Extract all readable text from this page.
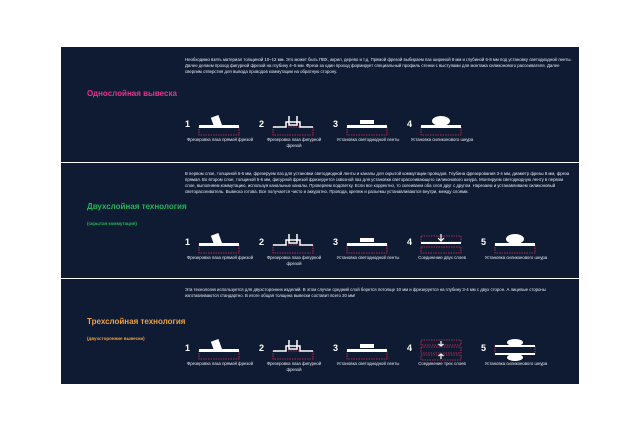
Однослойная вывеска
Необходимо взять материал толщиной 10–12 мм. Это может быть ПВХ, акрил, дерево и т.д. Прямой фрезой выбираем паз шириной 8 мм и глубиной 6-8 мм под установку светодиодной ленты. Далее делаем проход фигурной фрезой на глубину 4–5 мм. Фреза за один проход формирует специальный профиль стенки с выступами для монтажа силиконового рассеивателя. Далее сверлим отверстия для вывода проводов коммутации на обратную сторону.
1
Фрезеровка паза прямой фрезой
2
Фрезеровка паза фигурной фрезой
3
Установка светодиодной ленты
4
Установка силиконового шнура
Двухслойная технология
(скрытая коммутация)
В первом слое, толщиной 5-6 мм, фрезеруем паз для установки светодиодной ленты и каналы для скрытой коммутации проводов. Глубина фрезерования 3-4 мм, диаметр фрезы 8 мм, фреза прямая. Во втором слое, толщиной 5-6 мм, фигурной фрезой фрезеруется сквозной паз для установки светорассеивающего силиконового шнура. Монтируем светодиодную ленту в первом слое, выполняем коммутацию, используя канальные каналы. Проверяем подсветку. Если все корректно, то склеиваем оба слоя друг с другом. Нарезаем и устанавливаем силиконовый светорассеиватель. Вывеска готова. Все получается чисто и аккуратно. Провода, крепеж и разъемы устанавливаются внутри, между слоями.
1
Фрезеровка паза прямой фрезой
2
Фрезеровка паза фигурной фрезой
3
Установка светодиодной ленты
4
Соединение двух слоев
5
Установка силиконового шнура
Трехслойная технология
(двухсторонние вывески)
Эта технология используется для двухсторонних изделий. В этом случае средний слой берется потолще 10 мм и фрезеруется на глубину 3-4 мм с двух сторон. А лицевые стороны изготавливаются стандартно. В итоге общая толщина вывески составит всего 20 мм!
1
Фрезеровка паза прямой фрезой
2
Фрезеровка паза фигурной фрезой
3
Установка светодиодной ленты
4
Соединение трех слоев
5
Установка силиконового шнура
